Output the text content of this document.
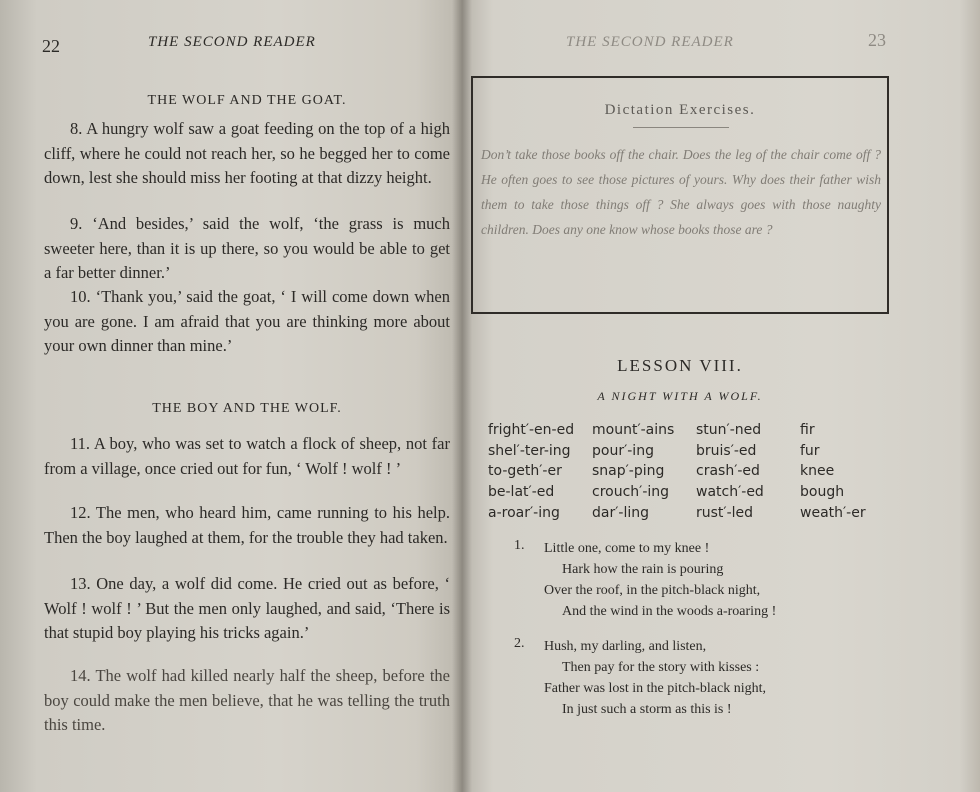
22	THE SECOND READER
THE WOLF AND THE GOAT.
8. A hungry wolf saw a goat feeding on the top of a high cliff, where he could not reach her, so he begged her to come down, lest she should miss her footing at that dizzy height.
9. ‘And besides,’ said the wolf, ‘the grass is much sweeter here, than it is up there, so you would be able to get a far better dinner.’
10. ‘Thank you,’ said the goat, ‘ I will come down when you are gone. I am afraid that you are thinking more about your own dinner than mine.’
THE BOY AND THE WOLF.
11. A boy, who was set to watch a flock of sheep, not far from a village, once cried out for fun, ‘ Wolf ! wolf ! ’
12. The men, who heard him, came running to his help. Then the boy laughed at them, for the trouble they had taken.
13. One day, a wolf did come. He cried out as before, ‘ Wolf ! wolf ! ’ But the men only laughed, and said, ‘There is that stupid boy playing his tricks again.’
14. The wolf had killed nearly half the sheep, before the boy could make the men believe, that he was telling the truth this time.
THE SECOND READER	23
Dictation Exercises.
Don’t take those books off the chair. Does the leg of the chair come off ? He often goes to see those pictures of yours. Why does their father wish them to take those things off ? She always goes with those naughty children. Does any one know whose books those are ?
LESSON VIII.
A NIGHT WITH A WOLF.
fright′-en-ed	mount′-ains	stun′-ned	fir
shel′-ter-ing	pour′-ing	bruis′-ed	fur
to-geth′-er	snap′-ping	crash′-ed	knee
be-lat′-ed	crouch′-ing	watch′-ed	bough
a-roar′-ing	dar′-ling	rust′-led	weath′-er
1. Little one, come to my knee !
Hark how the rain is pouring
Over the roof, in the pitch-black night,
And the wind in the woods a-roaring !
2. Hush, my darling, and listen,
Then pay for the story with kisses :
Father was lost in the pitch-black night,
In just such a storm as this is !
